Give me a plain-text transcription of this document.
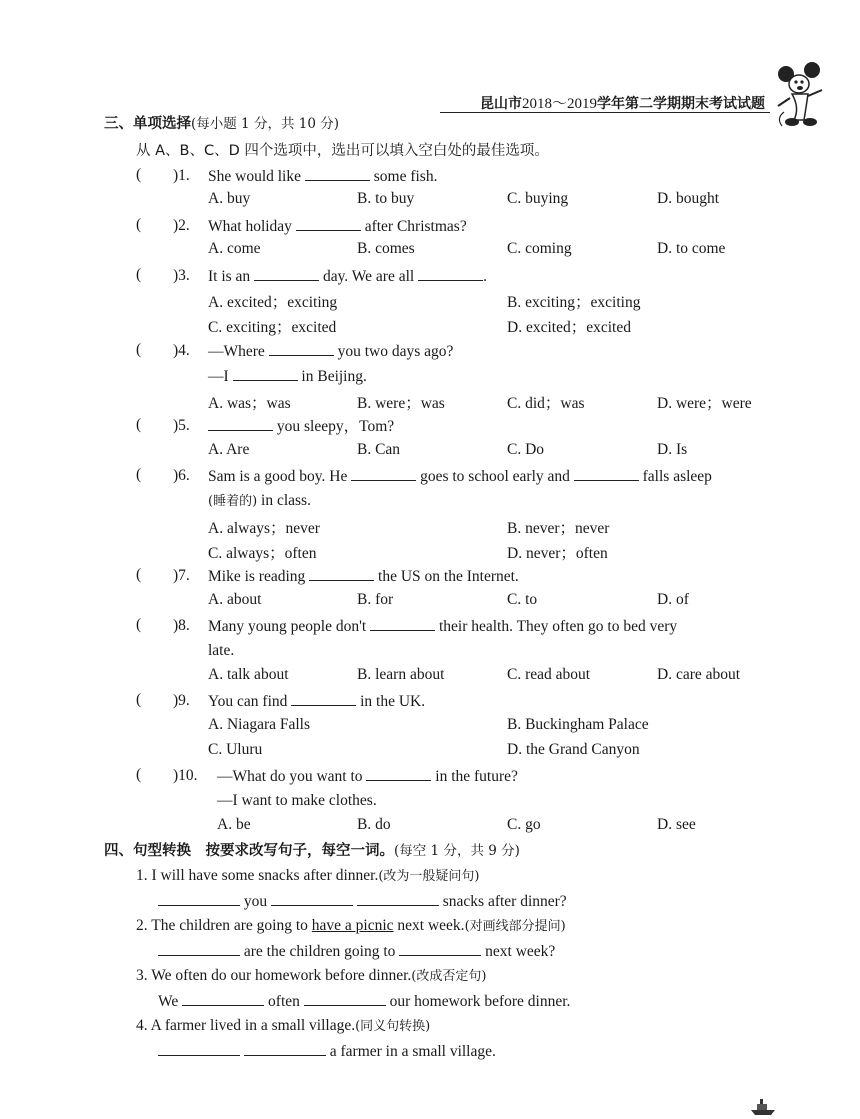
昆山市2018～2019学年第二学期期末考试试题
三、单项选择(每小题 1 分，共 10 分)
从 A、B、C、D 四个选项中，选出可以填入空白处的最佳选项。
( )1. She would like	some fish.
A. buy	B. to buy	C. buying	D. bought
( )2. What holiday	after Christmas?
A. come	B. comes	C. coming	D. to come
( )3. It is an	day. We are all	.
A. excited；exciting	B. exciting；exciting
C. exciting；excited	D. excited；excited
( )4. —Where	you two days ago?
—I	in Beijing.
A. was；was	B. were；was	C. did；was	D. were；were
( )5.	you sleepy，Tom?
A. Are	B. Can	C. Do	D. Is
( )6. Sam is a good boy. He	goes to school early and	falls asleep
(睡着的) in class.
A. always；never	B. never；never
C. always；often	D. never；often
( )7. Mike is reading	the US on the Internet.
A. about	B. for	C. to	D. of
( )8. Many young people don't	their health. They often go to bed very
late.
A. talk about	B. learn about	C. read about	D. care about
( )9. You can find	in the UK.
A. Niagara Falls	B. Buckingham Palace
C. Uluru	D. the Grand Canyon
( )10. —What do you want to	in the future?
—I want to make clothes.
A. be	B. do	C. go	D. see
四、句型转换　按要求改写句子，每空一词。(每空 1 分，共 9 分)
1. I will have some snacks after dinner.(改为一般疑问句)
you	snacks after dinner?
2. The children are going to have a picnic next week.(对画线部分提问)
are the children going to	next week?
3. We often do our homework before dinner.(改成否定句)
We	often	our homework before dinner.
4. A farmer lived in a small village.(同义句转换)
a farmer in a small village.
